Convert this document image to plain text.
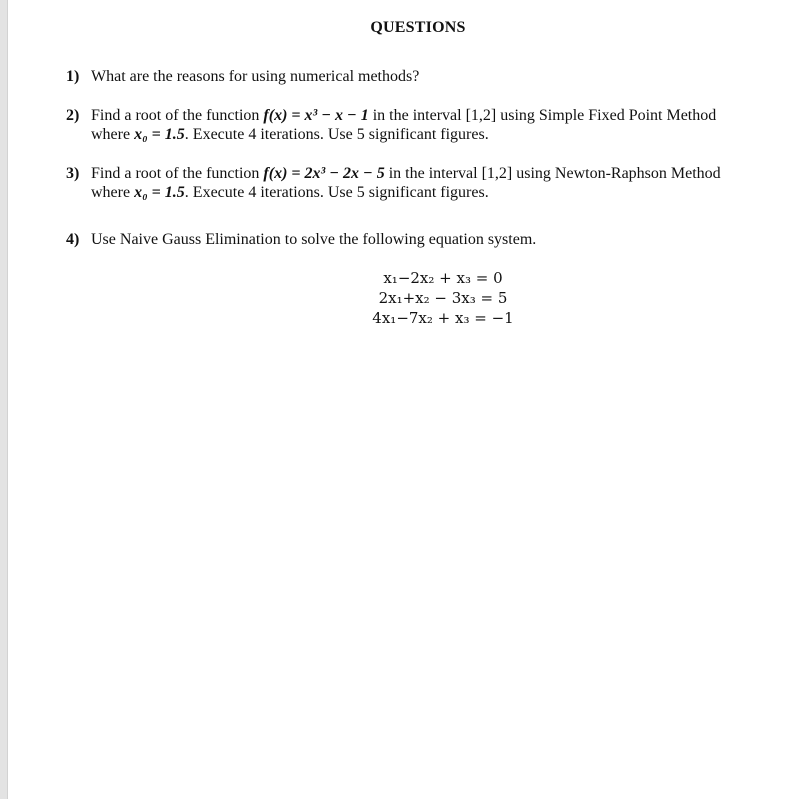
QUESTIONS
1) What are the reasons for using numerical methods?
2) Find a root of the function f(x) = x³ − x − 1 in the interval [1,2] using Simple Fixed Point Method
where x₀ = 1.5. Execute 4 iterations. Use 5 significant figures.
3) Find a root of the function f(x) = 2x³ − 2x − 5 in the interval [1,2] using Newton-Raphson Method
where x₀ = 1.5. Execute 4 iterations. Use 5 significant figures.
4) Use Naive Gauss Elimination to solve the following equation system.
x₁−2x₂ + x₃ = 0
2x₁+x₂ − 3x₃ = 5
4x₁−7x₂ + x₃ = −1
